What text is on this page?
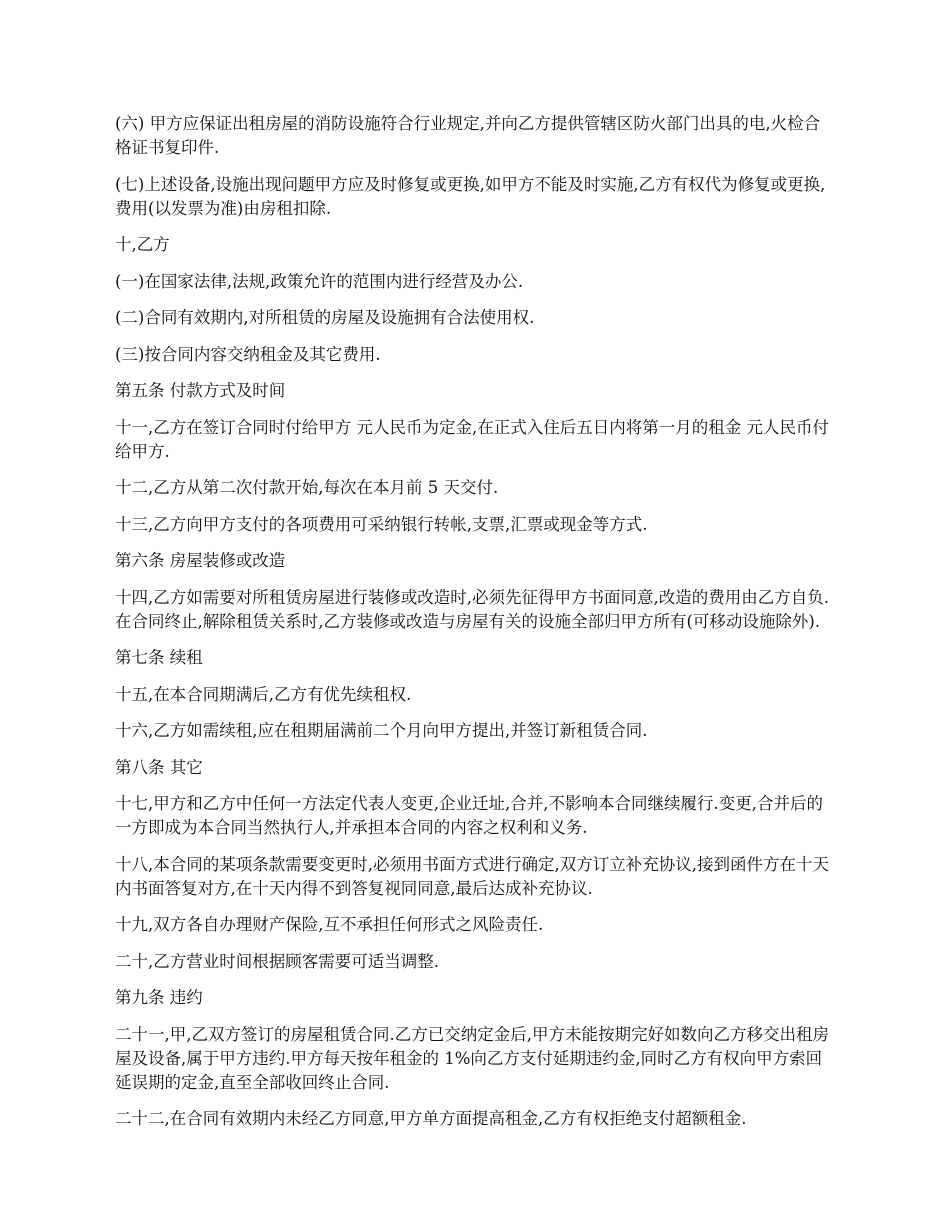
(六) 甲方应保证出租房屋的消防设施符合行业规定,并向乙方提供管辖区防火部门出具的电,火检合格证书复印件.

(七)上述设备,设施出现问题甲方应及时修复或更换,如甲方不能及时实施,乙方有权代为修复或更换,费用(以发票为准)由房租扣除.

十,乙方

(一)在国家法律,法规,政策允许的范围内进行经营及办公.

(二)合同有效期内,对所租赁的房屋及设施拥有合法使用权.

(三)按合同内容交纳租金及其它费用.

第五条 付款方式及时间

十一,乙方在签订合同时付给甲方 元人民币为定金,在正式入住后五日内将第一月的租金 元人民币付给甲方.

十二,乙方从第二次付款开始,每次在本月前 5 天交付.

十三,乙方向甲方支付的各项费用可采纳银行转帐,支票,汇票或现金等方式.

第六条 房屋装修或改造

十四,乙方如需要对所租赁房屋进行装修或改造时,必须先征得甲方书面同意,改造的费用由乙方自负.在合同终止,解除租赁关系时,乙方装修或改造与房屋有关的设施全部归甲方所有(可移动设施除外).

第七条 续租

十五,在本合同期满后,乙方有优先续租权.

十六,乙方如需续租,应在租期届满前二个月向甲方提出,并签订新租赁合同.

第八条 其它

十七,甲方和乙方中任何一方法定代表人变更,企业迁址,合并,不影响本合同继续履行.变更,合并后的一方即成为本合同当然执行人,并承担本合同的内容之权利和义务.

十八,本合同的某项条款需要变更时,必须用书面方式进行确定,双方订立补充协议,接到函件方在十天内书面答复对方,在十天内得不到答复视同同意,最后达成补充协议.

十九,双方各自办理财产保险,互不承担任何形式之风险责任.

二十,乙方营业时间根据顾客需要可适当调整.

第九条 违约

二十一,甲,乙双方签订的房屋租赁合同.乙方已交纳定金后,甲方未能按期完好如数向乙方移交出租房屋及设备,属于甲方违约.甲方每天按年租金的 1%向乙方支付延期违约金,同时乙方有权向甲方索回延误期的定金,直至全部收回终止合同.

二十二,在合同有效期内未经乙方同意,甲方单方面提高租金,乙方有权拒绝支付超额租金.
